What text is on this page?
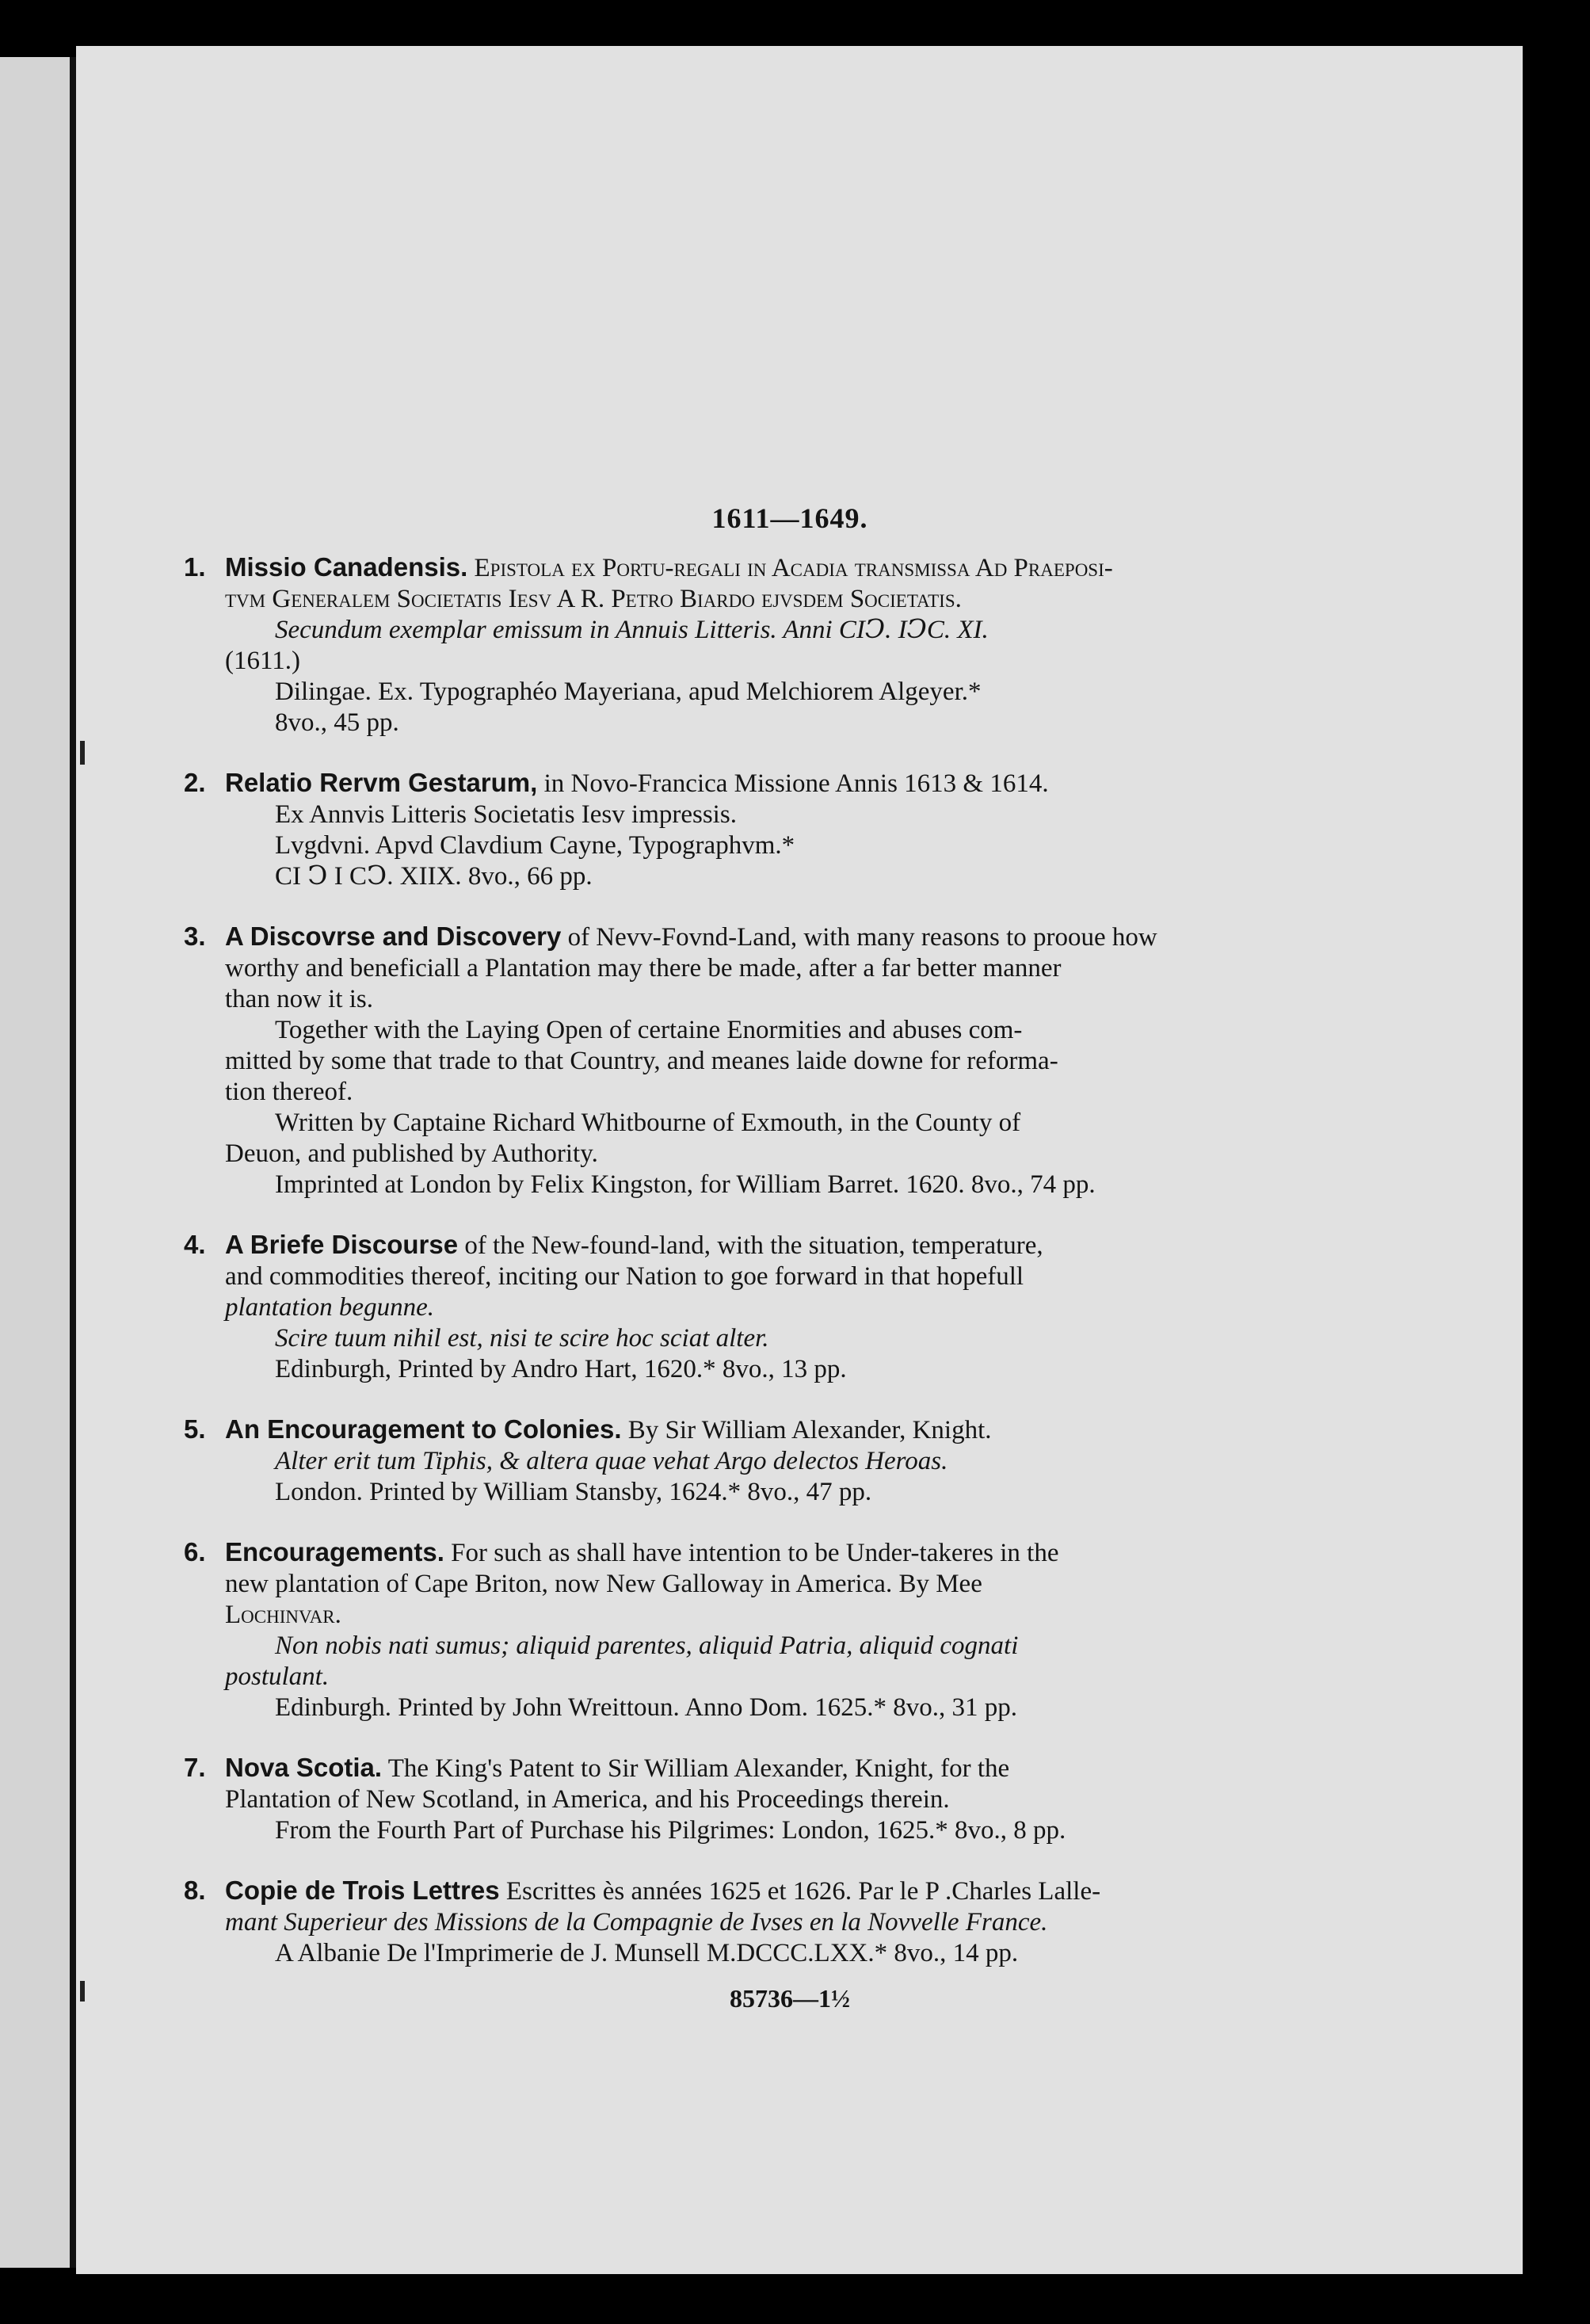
1611—1649.
1. Missio Canadensis. Epistola ex Portu-regali in Acadia transmissa Ad Praeposi-
tvm Generalem Societatis Iesv A R. Petro Biardo ejvsdem Societatis.
Secundum exemplar emissum in Annuis Litteris. Anni CIↃ. IↃC. XI.
(1611.)
Dilingae. Ex. Typographéo Mayeriana, apud Melchiorem Algeyer.*
8vo., 45 pp.
2. Relatio Rervm Gestarum, in Novo-Francica Missione Annis 1613 & 1614.
Ex Annvis Litteris Societatis Iesv impressis.
Lvgdvni. Apvd Clavdium Cayne, Typographvm.*
CI Ↄ I CↃ. XIIX. 8vo., 66 pp.
3. A Discovrse and Discovery of Nevv-Fovnd-Land, with many reasons to prooue how
worthy and beneficiall a Plantation may there be made, after a far better manner
than now it is.
Together with the Laying Open of certaine Enormities and abuses com-
mitted by some that trade to that Country, and meanes laide downe for reforma-
tion thereof.
Written by Captaine Richard Whitbourne of Exmouth, in the County of
Deuon, and published by Authority.
Imprinted at London by Felix Kingston, for William Barret. 1620. 8vo., 74 pp.
4. A Briefe Discourse of the New-found-land, with the situation, temperature,
and commodities thereof, inciting our Nation to goe forward in that hopefull
plantation begunne.
Scire tuum nihil est, nisi te scire hoc sciat alter.
Edinburgh, Printed by Andro Hart, 1620.* 8vo., 13 pp.
5. An Encouragement to Colonies. By Sir William Alexander, Knight.
Alter erit tum Tiphis, & altera quae vehat Argo delectos Heroas.
London. Printed by William Stansby, 1624.* 8vo., 47 pp.
6. Encouragements. For such as shall have intention to be Under-takeres in the
new plantation of Cape Briton, now New Galloway in America. By Mee
Lochinvar.
Non nobis nati sumus; aliquid parentes, aliquid Patria, aliquid cognati
postulant.
Edinburgh. Printed by John Wreittoun. Anno Dom. 1625.* 8vo., 31 pp.
7. Nova Scotia. The King's Patent to Sir William Alexander, Knight, for the
Plantation of New Scotland, in America, and his Proceedings therein.
From the Fourth Part of Purchase his Pilgrimes: London, 1625.* 8vo., 8 pp.
8. Copie de Trois Lettres Escrittes ès années 1625 et 1626. Par le P .Charles Lalle-
mant Superieur des Missions de la Compagnie de Ivses en la Novvelle France.
A Albanie De l'Imprimerie de J. Munsell M.DCCC.LXX.* 8vo., 14 pp.
85736—1½
